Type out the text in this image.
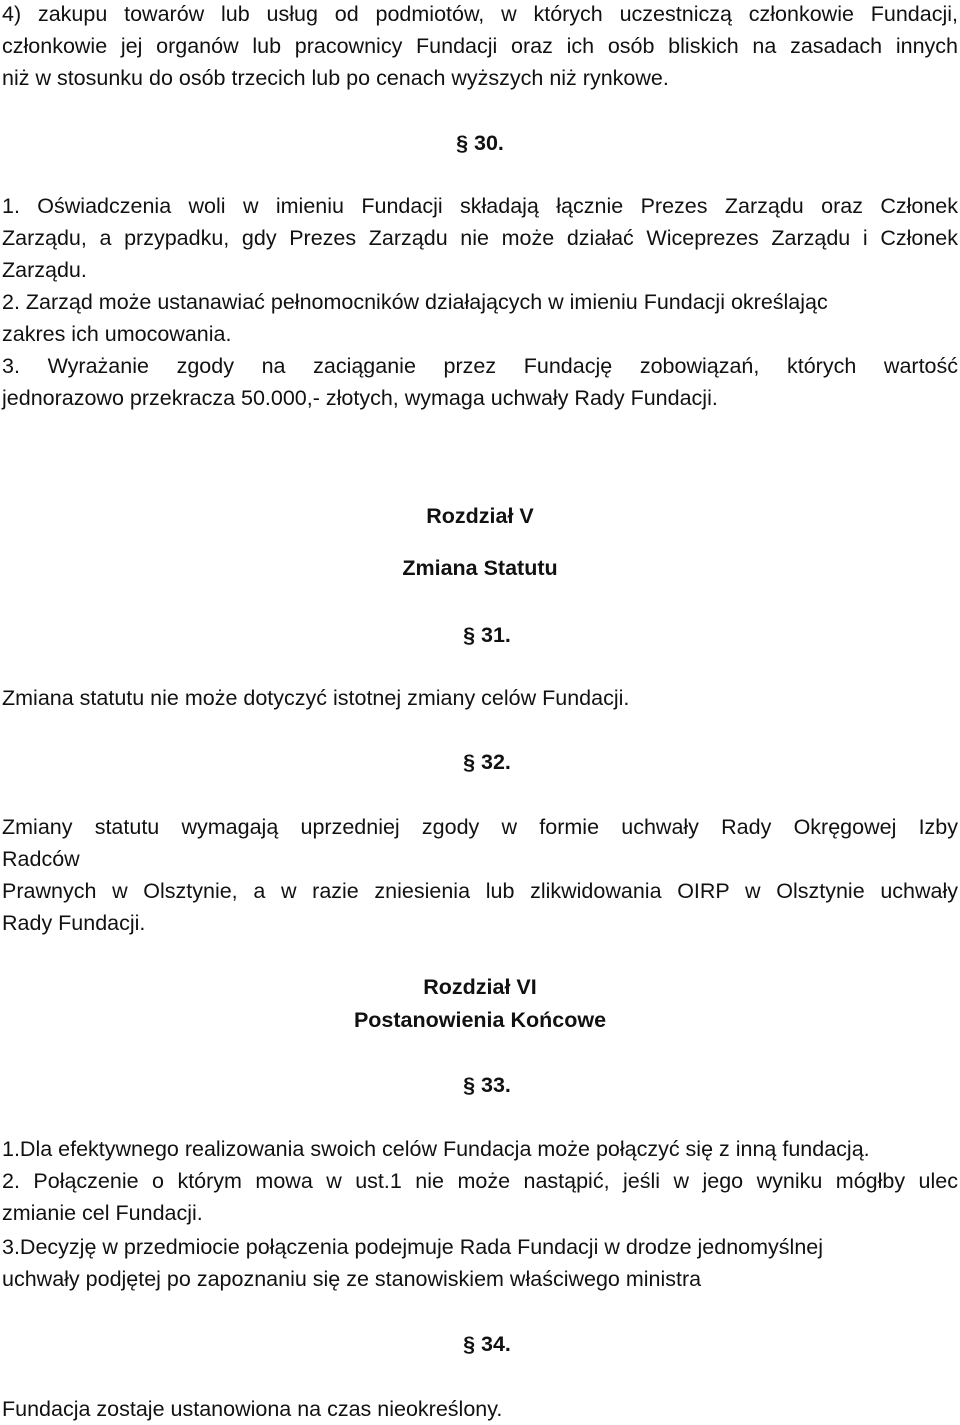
4) zakupu towarów lub usług od podmiotów, w których uczestniczą członkowie Fundacji,
członkowie jej organów lub pracownicy Fundacji oraz ich osób bliskich na zasadach innych
niż w stosunku do osób trzecich lub po cenach wyższych niż rynkowe.
§ 30.
1. Oświadczenia woli w imieniu Fundacji składają łącznie Prezes Zarządu oraz Członek
Zarządu, a przypadku, gdy Prezes Zarządu nie może działać Wiceprezes Zarządu i Członek
Zarządu.
2. Zarząd może ustanawiać pełnomocników działających w imieniu Fundacji określając
zakres ich umocowania.
3. Wyrażanie zgody na zaciąganie przez Fundację zobowiązań, których wartość
jednorazowo przekracza 50.000,- złotych, wymaga uchwały Rady Fundacji.
Rozdział V
Zmiana Statutu
§ 31.
Zmiana statutu nie może dotyczyć istotnej zmiany celów Fundacji.
§ 32.
Zmiany statutu wymagają uprzedniej zgody w formie uchwały Rady Okręgowej Izby
Radców
Prawnych w Olsztynie, a w razie zniesienia lub zlikwidowania OIRP w Olsztynie uchwały
Rady Fundacji.
Rozdział VI
Postanowienia Końcowe
§ 33.
1.Dla efektywnego realizowania swoich celów Fundacja może połączyć się z inną fundacją.
2. Połączenie o którym mowa w ust.1 nie może nastąpić, jeśli w jego wyniku mógłby ulec
zmianie cel Fundacji.
3.Decyzję w przedmiocie połączenia podejmuje Rada Fundacji w drodze jednomyślnej
uchwały podjętej po zapoznaniu się ze stanowiskiem właściwego ministra
§ 34.
Fundacja zostaje ustanowiona na czas nieokreślony.
